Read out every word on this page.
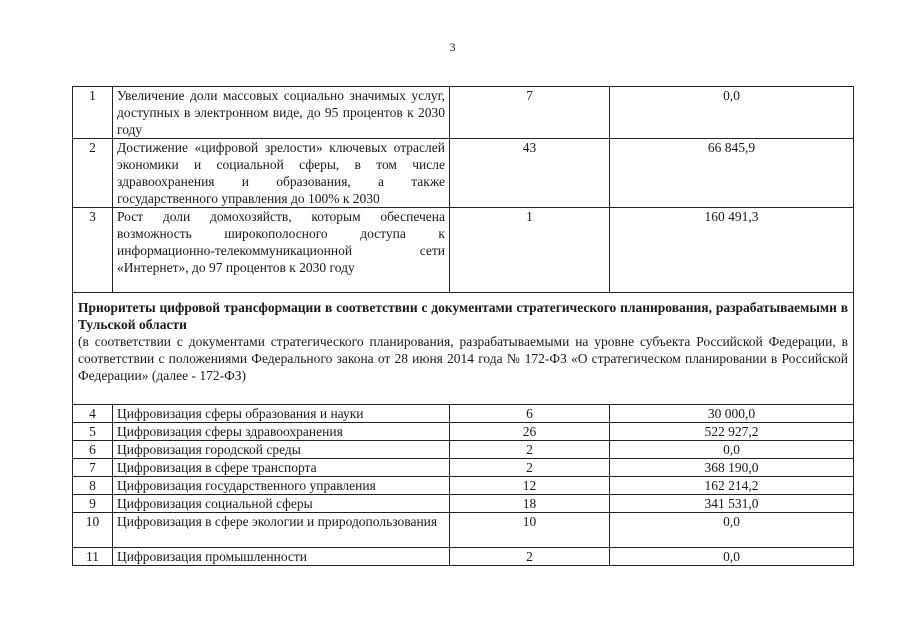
3
1	Увеличение доли массовых социально значимых услуг, доступных в электронном виде, до 95 процентов к 2030 году	7	0,0
2	Достижение «цифровой зрелости» ключевых отраслей экономики и социальной сферы, в том числе здравоохранения и образования, а также государственного управления до 100% к 2030	43	66 845,9
3	Рост доли домохозяйств, которым обеспечена возможность широкополосного доступа к информационно-телекоммуникационной сети «Интернет», до 97 процентов к 2030 году	1	160 491,3

Приоритеты цифровой трансформации в соответствии с документами стратегического планирования, разрабатываемыми в Тульской области
(в соответствии с документами стратегического планирования, разрабатываемыми на уровне субъекта Российской Федерации, в соответствии с положениями Федерального закона от 28 июня 2014 года № 172-ФЗ «О стратегическом планировании в Российской Федерации» (далее - 172-ФЗ)			

4	Цифровизация сферы образования и науки	6	30 000,0
5	Цифровизация сферы здравоохранения	26	522 927,2
6	Цифровизация городской среды	2	0,0
7	Цифровизация в сфере транспорта	2	368 190,0
8	Цифровизация государственного управления	12	162 214,2
9	Цифровизация социальной сферы	18	341 531,0
10	Цифровизация в сфере экологии и природопользования	10	0,0
11	Цифровизация промышленности	2	0,0
